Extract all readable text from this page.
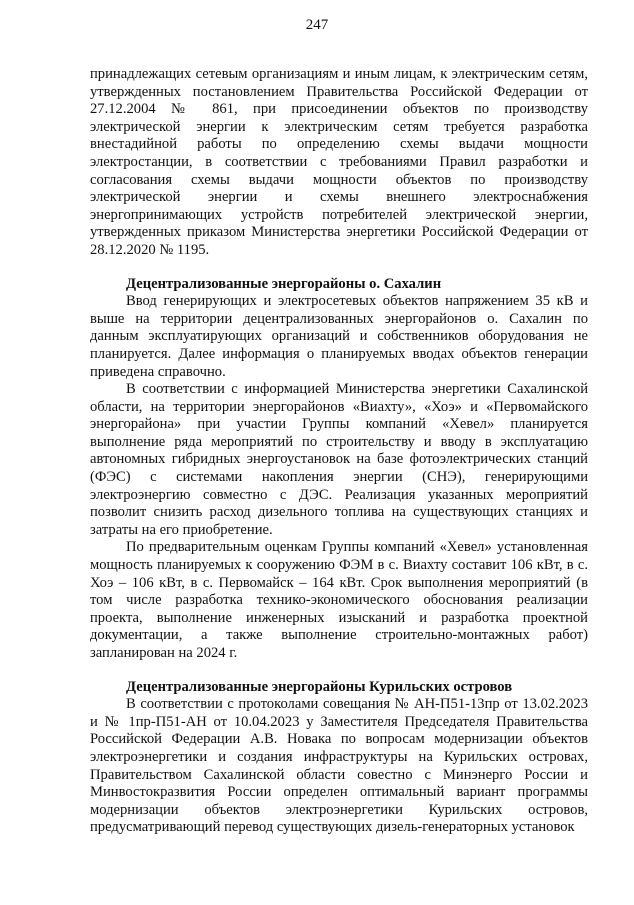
247

принадлежащих сетевым организациям и иным лицам, к электрическим сетям, утвержденных постановлением Правительства Российской Федерации от 27.12.2004 № 861, при присоединении объектов по производству электрической энергии к электрическим сетям требуется разработка внестадийной работы по определению схемы выдачи мощности электростанции, в соответствии с требованиями Правил разработки и согласования схемы выдачи мощности объектов по производству электрической энергии и схемы внешнего электроснабжения энергопринимающих устройств потребителей электрической энергии, утвержденных приказом Министерства энергетики Российской Федерации от 28.12.2020 № 1195.

Децентрализованные энергорайоны о. Сахалин

Ввод генерирующих и электросетевых объектов напряжением 35 кВ и выше на территории децентрализованных энергорайонов о. Сахалин по данным эксплуатирующих организаций и собственников оборудования не планируется. Далее информация о планируемых вводах объектов генерации приведена справочно.

В соответствии с информацией Министерства энергетики Сахалинской области, на территории энергорайонов «Виахту», «Хоэ» и «Первомайского энергорайона» при участии Группы компаний «Хевел» планируется выполнение ряда мероприятий по строительству и вводу в эксплуатацию автономных гибридных энергоустановок на базе фотоэлектрических станций (ФЭС) с системами накопления энергии (СНЭ), генерирующими электроэнергию совместно с ДЭС. Реализация указанных мероприятий позволит снизить расход дизельного топлива на существующих станциях и затраты на его приобретение.

По предварительным оценкам Группы компаний «Хевел» установленная мощность планируемых к сооружению ФЭМ в с. Виахту составит 106 кВт, в с. Хоэ – 106 кВт, в с. Первомайск – 164 кВт. Срок выполнения мероприятий (в том числе разработка технико-экономического обоснования реализации проекта, выполнение инженерных изысканий и разработка проектной документации, а также выполнение строительно-монтажных работ) запланирован на 2024 г.

Децентрализованные энергорайоны Курильских островов

В соответствии с протоколами совещания № АН-П51-13пр от 13.02.2023 и № 1пр-П51-АН от 10.04.2023 у Заместителя Председателя Правительства Российской Федерации А.В. Новака по вопросам модернизации объектов электроэнергетики и создания инфраструктуры на Курильских островах, Правительством Сахалинской области совестно с Минэнерго России и Минвостокразвития России определен оптимальный вариант программы модернизации объектов электроэнергетики Курильских островов, предусматривающий перевод существующих дизель-генераторных установок
